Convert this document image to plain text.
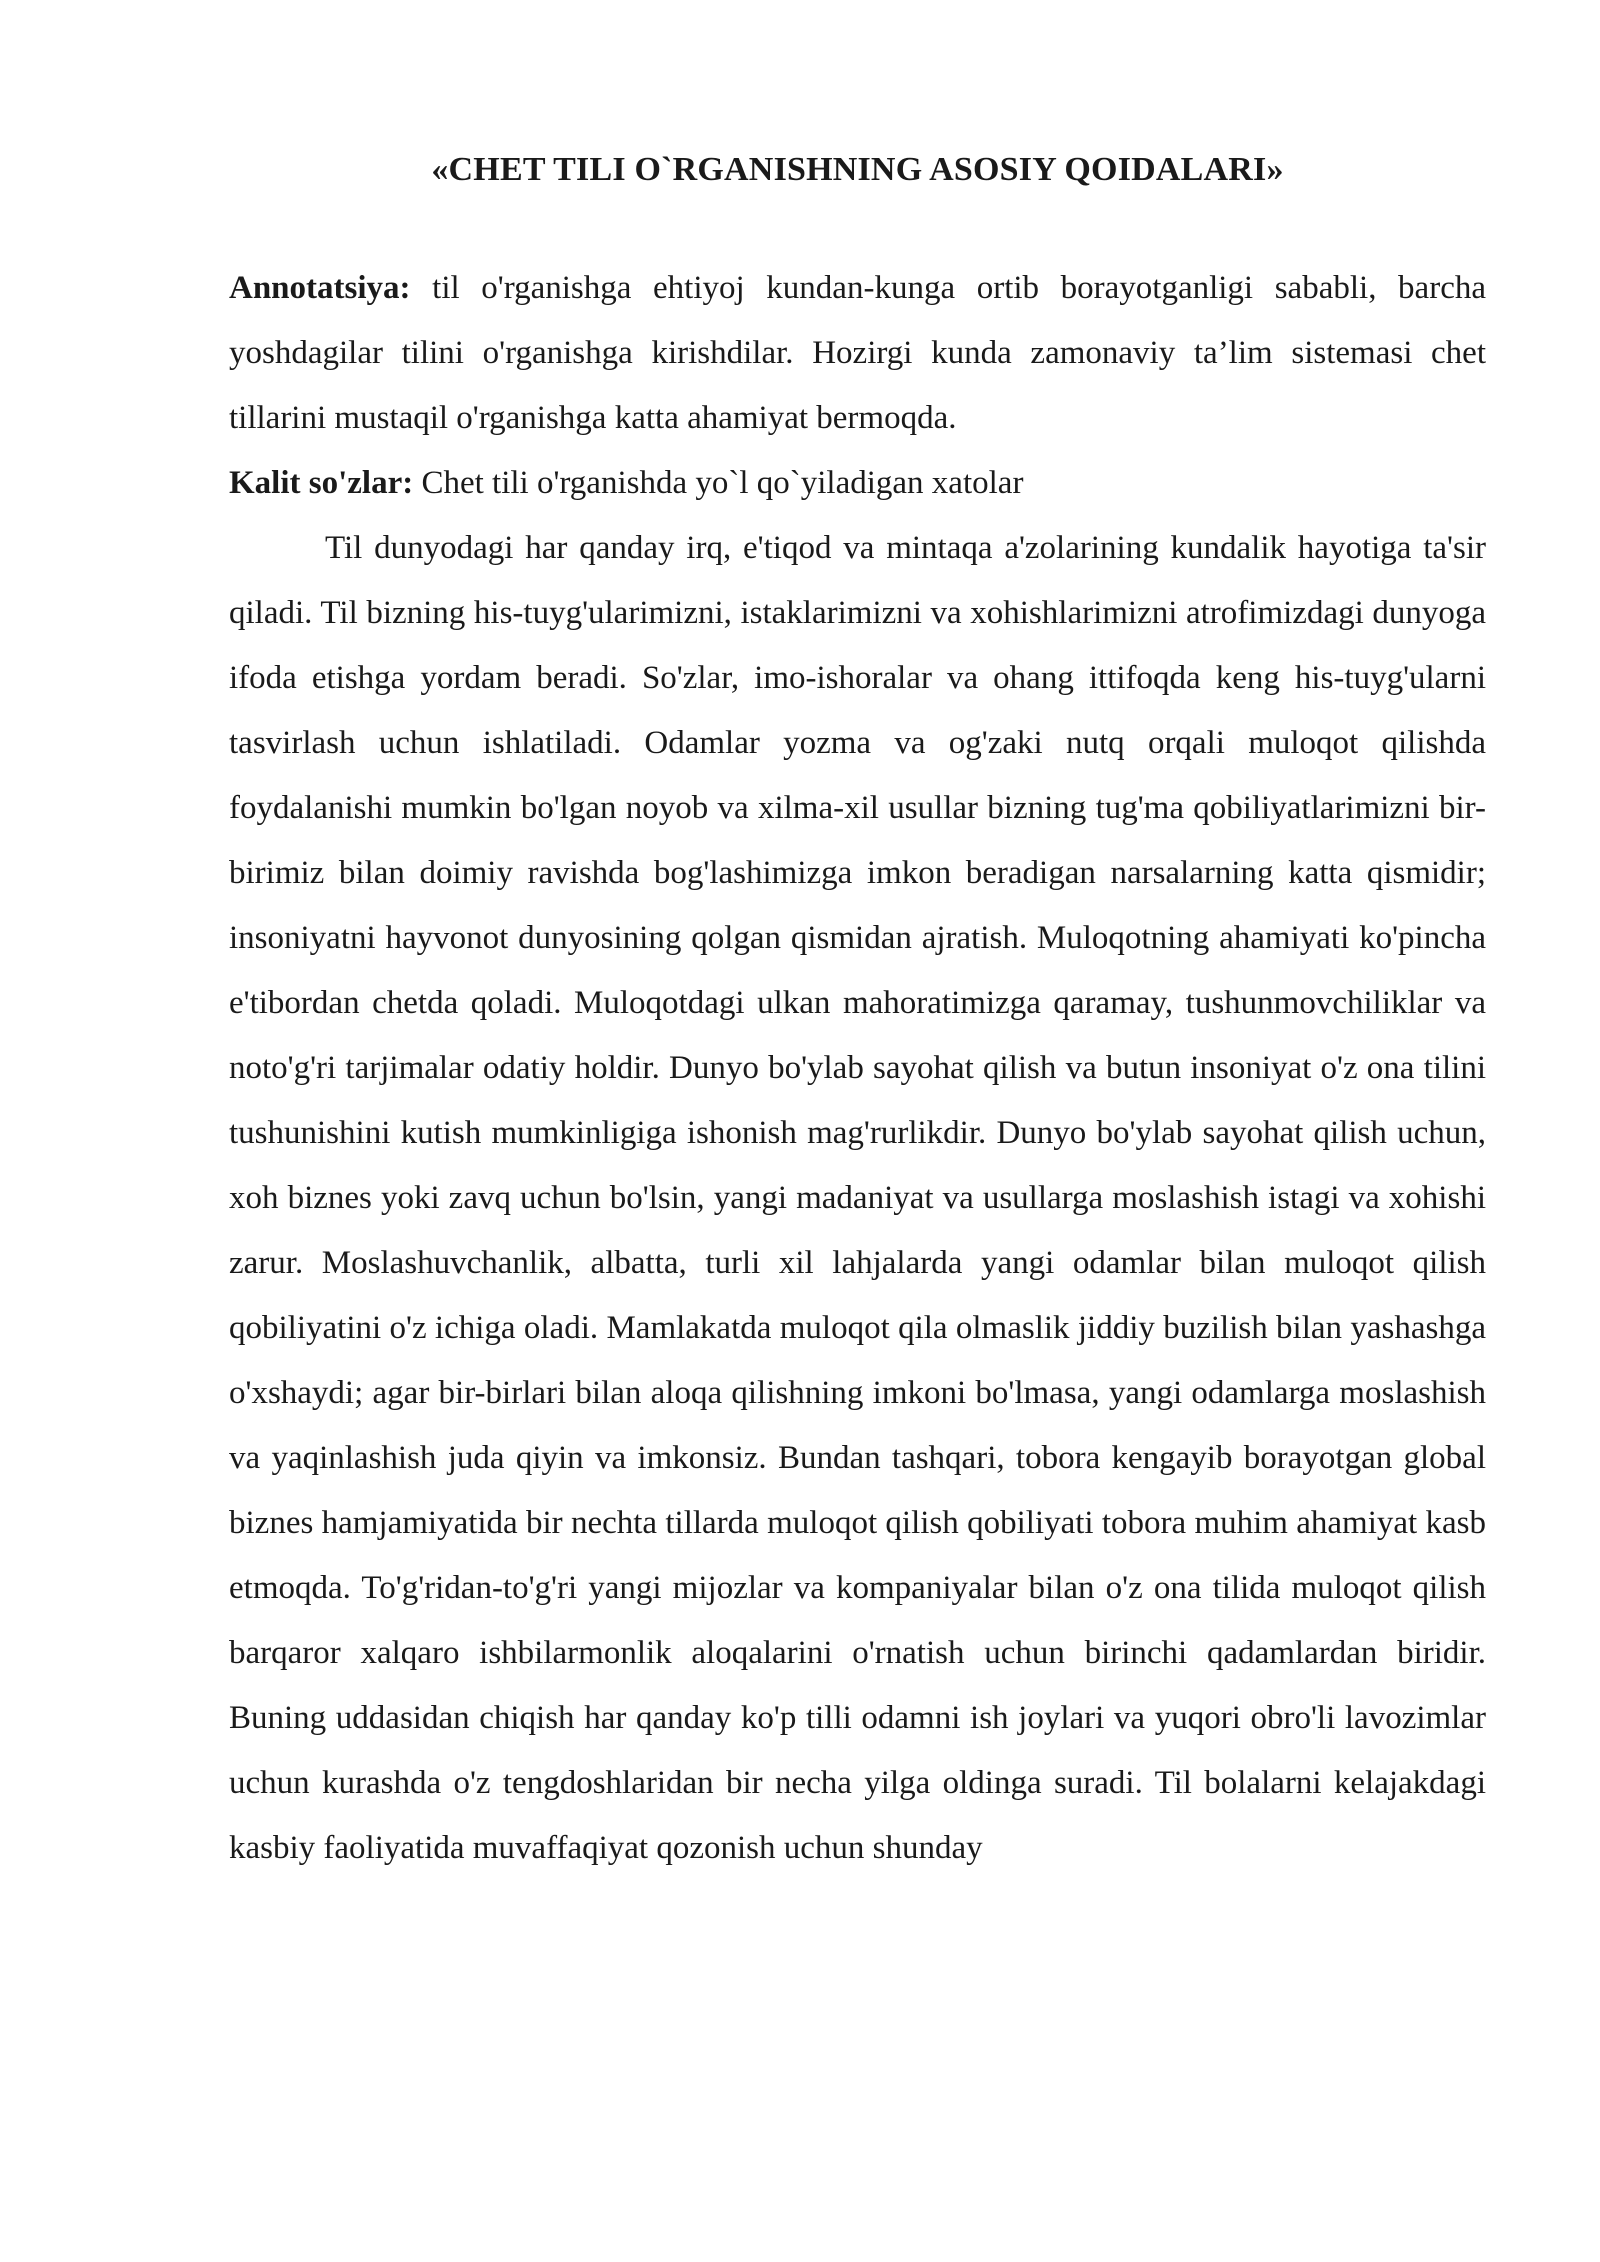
«CHET TILI O`RGANISHNING ASOSIY QOIDALARI»

Annotatsiya: til o'rganishga ehtiyoj kundan-kunga ortib borayotganligi sababli, barcha yoshdagilar tilini o'rganishga kirishdilar. Hozirgi kunda zamonaviy ta’lim sistemasi chet tillarini mustaqil o'rganishga katta ahamiyat bermoqda.

Kalit so'zlar: Chet tili o'rganishda yo`l qo`yiladigan xatolar

Til dunyodagi har qanday irq, e'tiqod va mintaqa a'zolarining kundalik hayotiga ta'sir qiladi. Til bizning his-tuyg'ularimizni, istaklarimizni va xohishlarimizni atrofimizdagi dunyoga ifoda etishga yordam beradi. So'zlar, imo-ishoralar va ohang ittifoqda keng his-tuyg'ularni tasvirlash uchun ishlatiladi. Odamlar yozma va og'zaki nutq orqali muloqot qilishda foydalanishi mumkin bo'lgan noyob va xilma-xil usullar bizning tug'ma qobiliyatlarimizni bir-birimiz bilan doimiy ravishda bog'lashimizga imkon beradigan narsalarning katta qismidir; insoniyatni hayvonot dunyosining qolgan qismidan ajratish. Muloqotning ahamiyati ko'pincha e'tibordan chetda qoladi. Muloqotdagi ulkan mahoratimizga qaramay, tushunmovchiliklar va noto'g'ri tarjimalar odatiy holdir. Dunyo bo'ylab sayohat qilish va butun insoniyat o'z ona tilini tushunishini kutish mumkinligiga ishonish mag'rurlikdir. Dunyo bo'ylab sayohat qilish uchun, xoh biznes yoki zavq uchun bo'lsin, yangi madaniyat va usullarga moslashish istagi va xohishi zarur. Moslashuvchanlik, albatta, turli xil lahjalarda yangi odamlar bilan muloqot qilish qobiliyatini o'z ichiga oladi. Mamlakatda muloqot qila olmaslik jiddiy buzilish bilan yashashga o'xshaydi; agar bir-birlari bilan aloqa qilishning imkoni bo'lmasa, yangi odamlarga moslashish va yaqinlashish juda qiyin va imkonsiz. Bundan tashqari, tobora kengayib borayotgan global biznes hamjamiyatida bir nechta tillarda muloqot qilish qobiliyati tobora muhim ahamiyat kasb etmoqda. To'g'ridan-to'g'ri yangi mijozlar va kompaniyalar bilan o'z ona tilida muloqot qilish barqaror xalqaro ishbilarmonlik aloqalarini o'rnatish uchun birinchi qadamlardan biridir. Buning uddasidan chiqish har qanday ko'p tilli odamni ish joylari va yuqori obro'li lavozimlar uchun kurashda o'z tengdoshlaridan bir necha yilga oldinga suradi. Til bolalarni kelajakdagi kasbiy faoliyatida muvaffaqiyat qozonish uchun shunday
